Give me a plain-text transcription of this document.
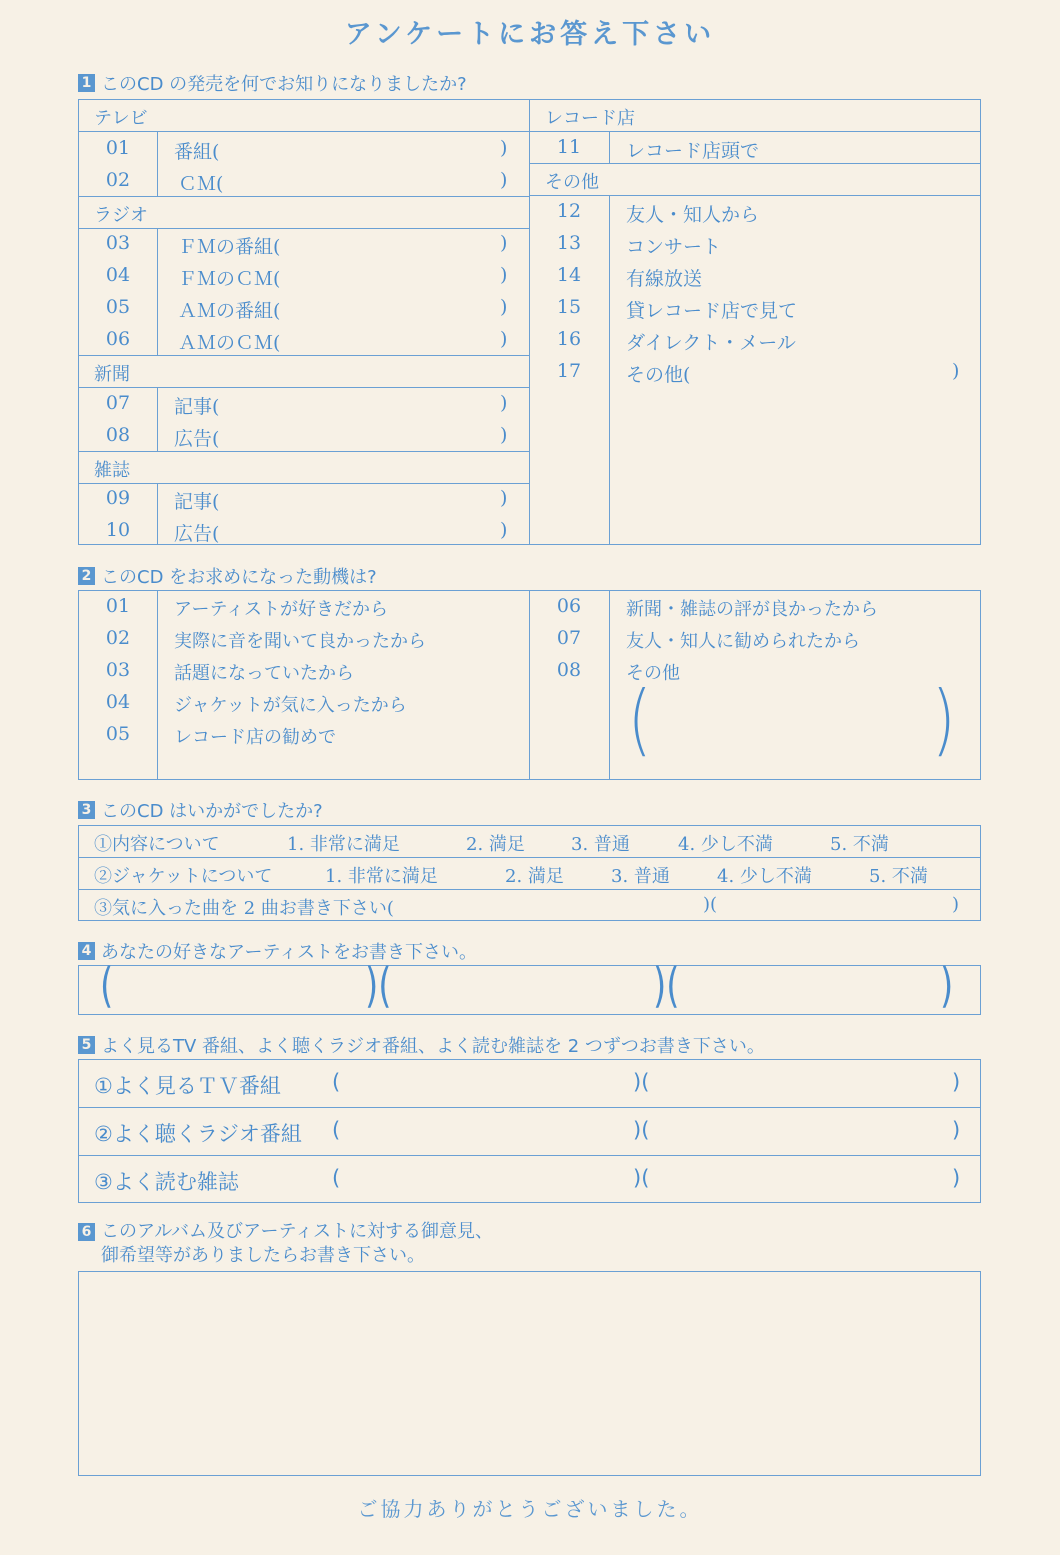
アンケートにお答え下さい
1 このCD の発売を何でお知りになりましたか?
テレビ
ラジオ
新聞
雑誌
01	番組(	)
02	ＣＭ(	)
03	ＦＭの番組(	)
04	ＦＭのＣＭ(	)
05	ＡＭの番組(	)
06	ＡＭのＣＭ(	)
07	記事(	)
08	広告(	)
09	記事(	)
10	広告(	)
レコード店
その他
11	レコード店頭で
12	友人・知人から
13	コンサート
14	有線放送
15	貸レコード店で見て
16	ダイレクト・メール
17	その他(	)
2 このCD をお求めになった動機は?
01	アーティストが好きだから
02	実際に音を聞いて良かったから
03	話題になっていたから
04	ジャケットが気に入ったから
05	レコード店の勧めで
06	新聞・雑誌の評が良かったから
07	友人・知人に勧められたから
08	その他
(	)
3 このCD はいかがでしたか?
①内容について	1. 非常に満足	2. 満足	3. 普通	4. 少し不満	5. 不満
②ジャケットについて	1. 非常に満足	2. 満足	3. 普通	4. 少し不満	5. 不満
③気に入った曲を 2 曲お書き下さい(	)(	)
4 あなたの好きなアーティストをお書き下さい。
(	)(	)(	)
5 よく見るTV 番組、よく聴くラジオ番組、よく読む雑誌を 2 つずつお書き下さい。
①よく見るＴＶ番組 (	)(	)
②よく聴くラジオ番組 (	)(	)
③よく読む雑誌	(	)(	)
6 このアルバム及びアーティストに対する御意見、
御希望等がありましたらお書き下さい。
ご協力ありがとうございました。
